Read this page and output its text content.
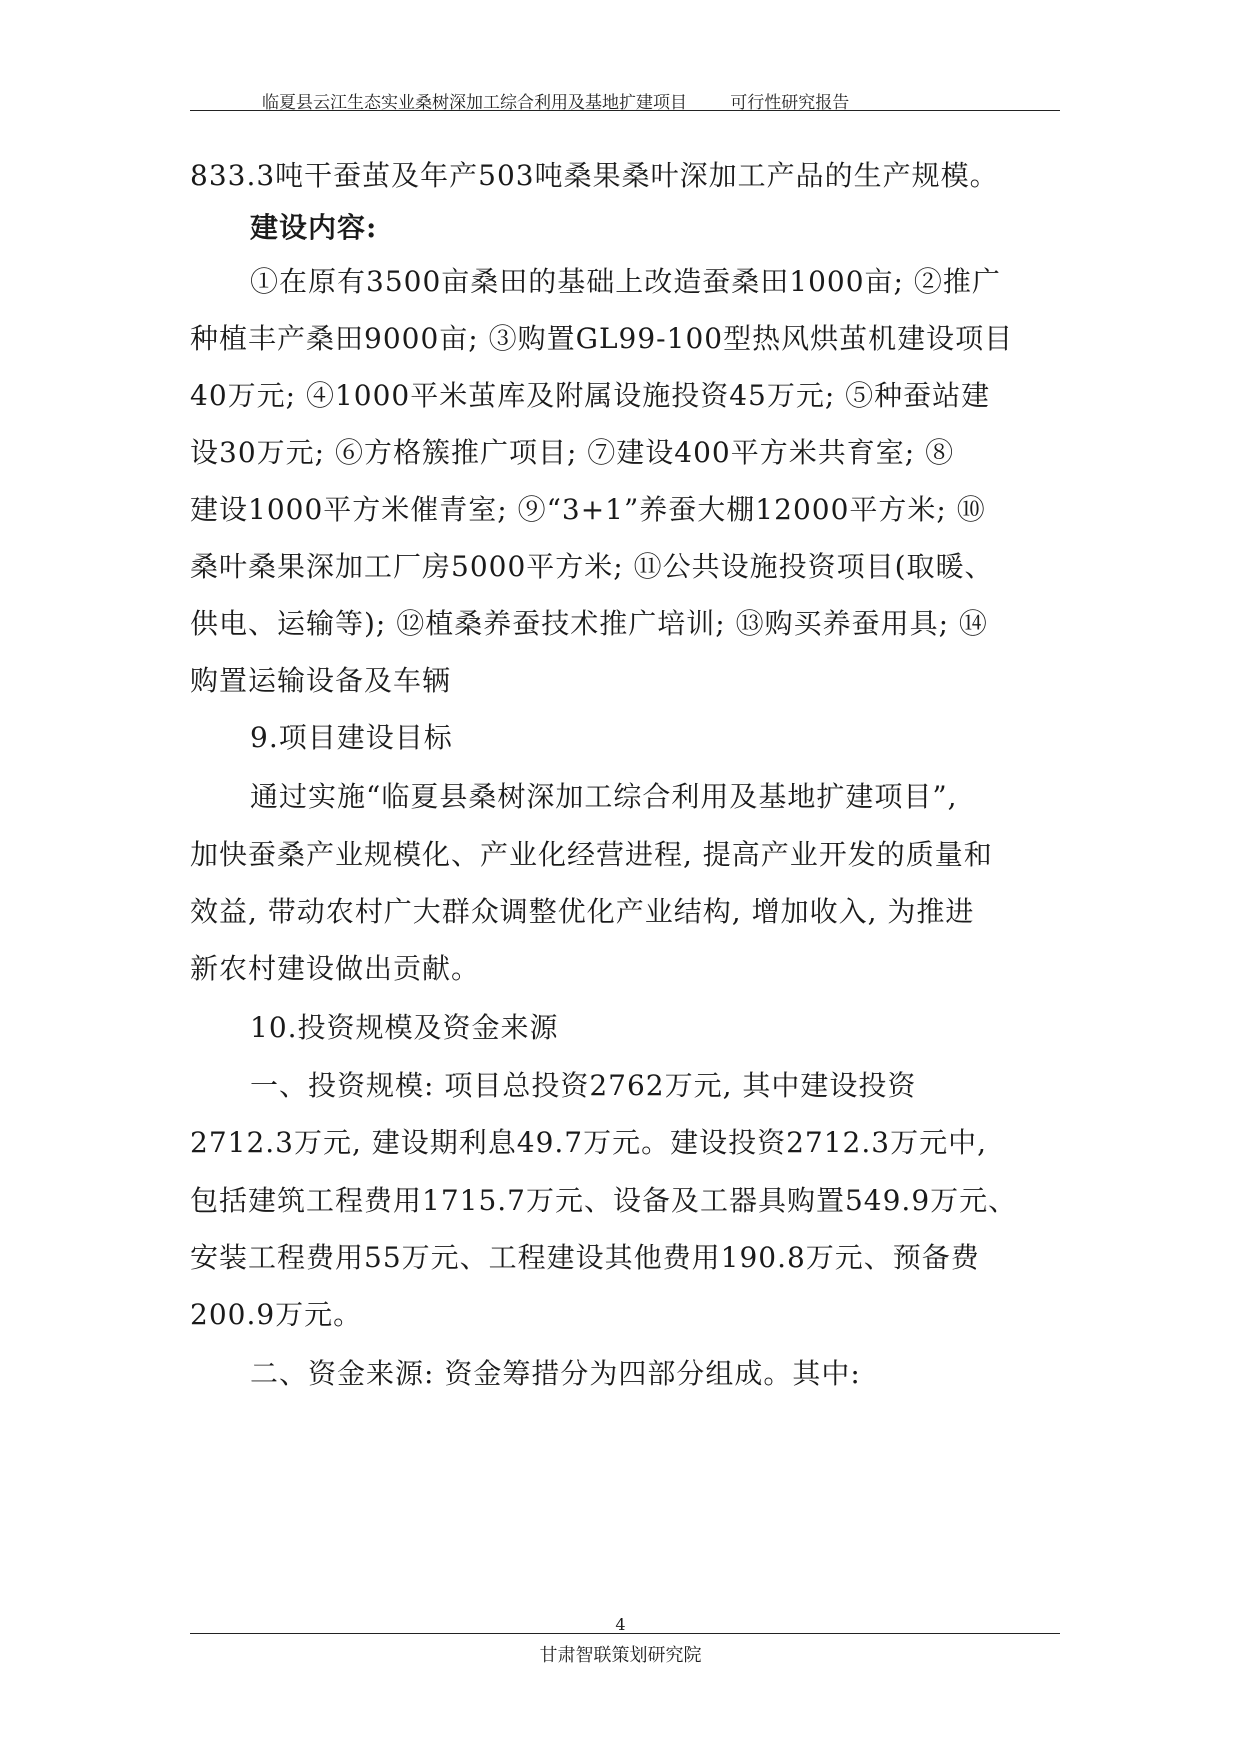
临夏县云江生态实业桑树深加工综合利用及基地扩建项目	可行性研究报告
833.3吨干蚕茧及年产503吨桑果桑叶深加工产品的生产规模。
建设内容:
①在原有3500亩桑田的基础上改造蚕桑田1000亩; ②推广
种植丰产桑田9000亩; ③购置GL99-100型热风烘茧机建设项目
40万元; ④1000平米茧库及附属设施投资45万元; ⑤种蚕站建
设30万元; ⑥方格簇推广项目; ⑦建设400平方米共育室; ⑧
建设1000平方米催青室; ⑨“3+1”养蚕大棚12000平方米; ⑩
桑叶桑果深加工厂房5000平方米; ⑪公共设施投资项目(取暖、
供电、运输等); ⑫植桑养蚕技术推广培训; ⑬购买养蚕用具; ⑭
购置运输设备及车辆
9.项目建设目标
通过实施“临夏县桑树深加工综合利用及基地扩建项目”,
加快蚕桑产业规模化、产业化经营进程, 提高产业开发的质量和
效益, 带动农村广大群众调整优化产业结构, 增加收入, 为推进
新农村建设做出贡献。
10.投资规模及资金来源
一、投资规模: 项目总投资2762万元, 其中建设投资
2712.3万元, 建设期利息49.7万元。建设投资2712.3万元中,
包括建筑工程费用1715.7万元、设备及工器具购置549.9万元、
安装工程费用55万元、工程建设其他费用190.8万元、预备费
200.9万元。
二、资金来源: 资金筹措分为四部分组成。其中:
4
甘肃智联策划研究院
